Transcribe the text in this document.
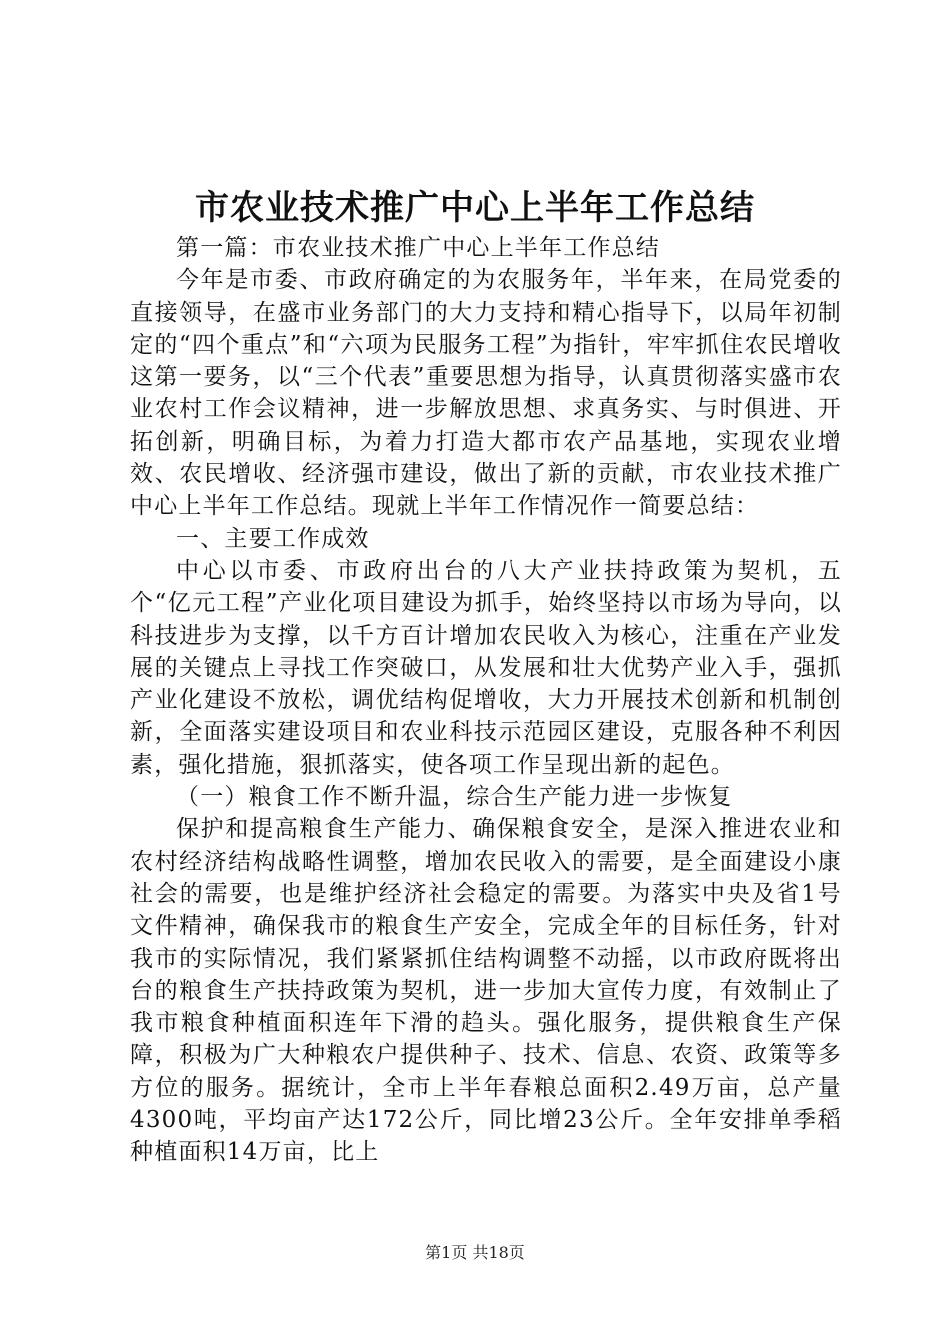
市农业技术推广中心上半年工作总结

第一篇：市农业技术推广中心上半年工作总结

今年是市委、市政府确定的为农服务年，半年来，在局党委的直接领导，在盛市业务部门的大力支持和精心指导下，以局年初制定的“四个重点”和“六项为民服务工程”为指针，牢牢抓住农民增收这第一要务，以“三个代表”重要思想为指导，认真贯彻落实盛市农业农村工作会议精神，进一步解放思想、求真务实、与时俱进、开拓创新，明确目标，为着力打造大都市农产品基地，实现农业增效、农民增收、经济强市建设，做出了新的贡献，市农业技术推广中心上半年工作总结。现就上半年工作情况作一简要总结：

一、主要工作成效

中心以市委、市政府出台的八大产业扶持政策为契机，五个“亿元工程”产业化项目建设为抓手，始终坚持以市场为导向，以科技进步为支撑，以千方百计增加农民收入为核心，注重在产业发展的关键点上寻找工作突破口，从发展和壮大优势产业入手，强抓产业化建设不放松，调优结构促增收，大力开展技术创新和机制创新，全面落实建设项目和农业科技示范园区建设，克服各种不利因素，强化措施，狠抓落实，使各项工作呈现出新的起色。

（一）粮食工作不断升温，综合生产能力进一步恢复

保护和提高粮食生产能力、确保粮食安全，是深入推进农业和农村经济结构战略性调整，增加农民收入的需要，是全面建设小康社会的需要，也是维护经济社会稳定的需要。为落实中央及省1号文件精神，确保我市的粮食生产安全，完成全年的目标任务，针对我市的实际情况，我们紧紧抓住结构调整不动摇，以市政府既将出台的粮食生产扶持政策为契机，进一步加大宣传力度，有效制止了我市粮食种植面积连年下滑的趋头。强化服务，提供粮食生产保障，积极为广大种粮农户提供种子、技术、信息、农资、政策等多方位的服务。据统计，全市上半年春粮总面积2.49万亩，总产量4300吨，平均亩产达172公斤，同比增23公斤。全年安排单季稻种植面积14万亩，比上

第1页 共18页
